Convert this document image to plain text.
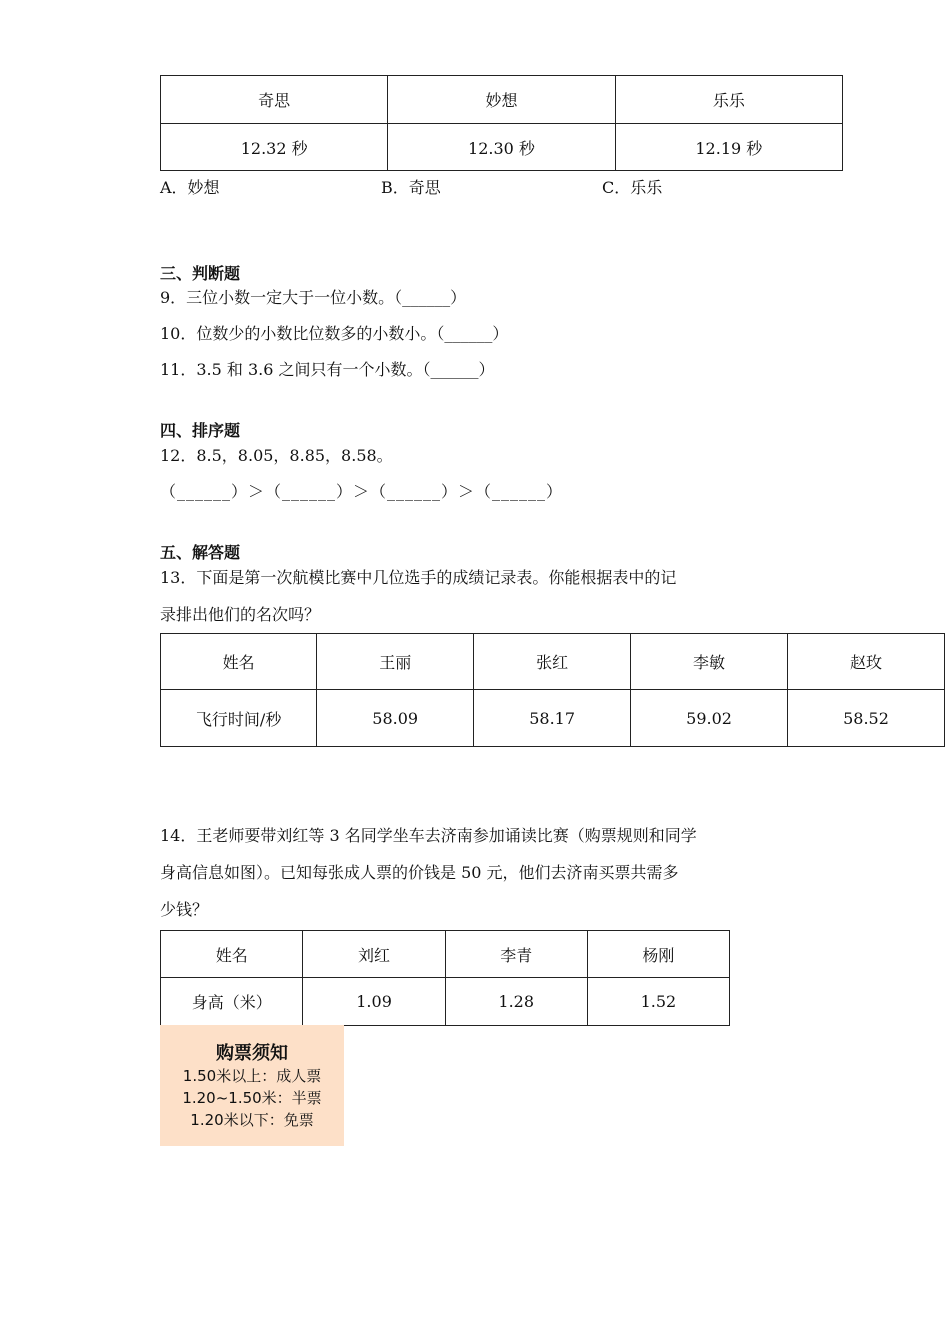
奇思	妙想	乐乐
12.32 秒	12.30 秒	12.19 秒
A．妙想	B．奇思	C．乐乐
三、判断题
9．三位小数一定大于一位小数。（______）
10．位数少的小数比位数多的小数小。（______）
11．3.5 和 3.6 之间只有一个小数。（______）
四、排序题
12．8.5，8.05，8.85，8.58。
（______）＞（______）＞（______）＞（______）
五、解答题
13．下面是第一次航模比赛中几位选手的成绩记录表。你能根据表中的记
录排出他们的名次吗？
姓名	王丽	张红	李敏	赵玫
飞行时间/秒	58.09	58.17	59.02	58.52
14．王老师要带刘红等 3 名同学坐车去济南参加诵读比赛（购票规则和同学
身高信息如图）。已知每张成人票的价钱是 50 元，他们去济南买票共需多
少钱？
姓名	刘红	李青	杨刚
身高（米）	1.09	1.28	1.52
购票须知
1.50米以上：成人票
1.20~1.50米：半票
1.20米以下：免票
